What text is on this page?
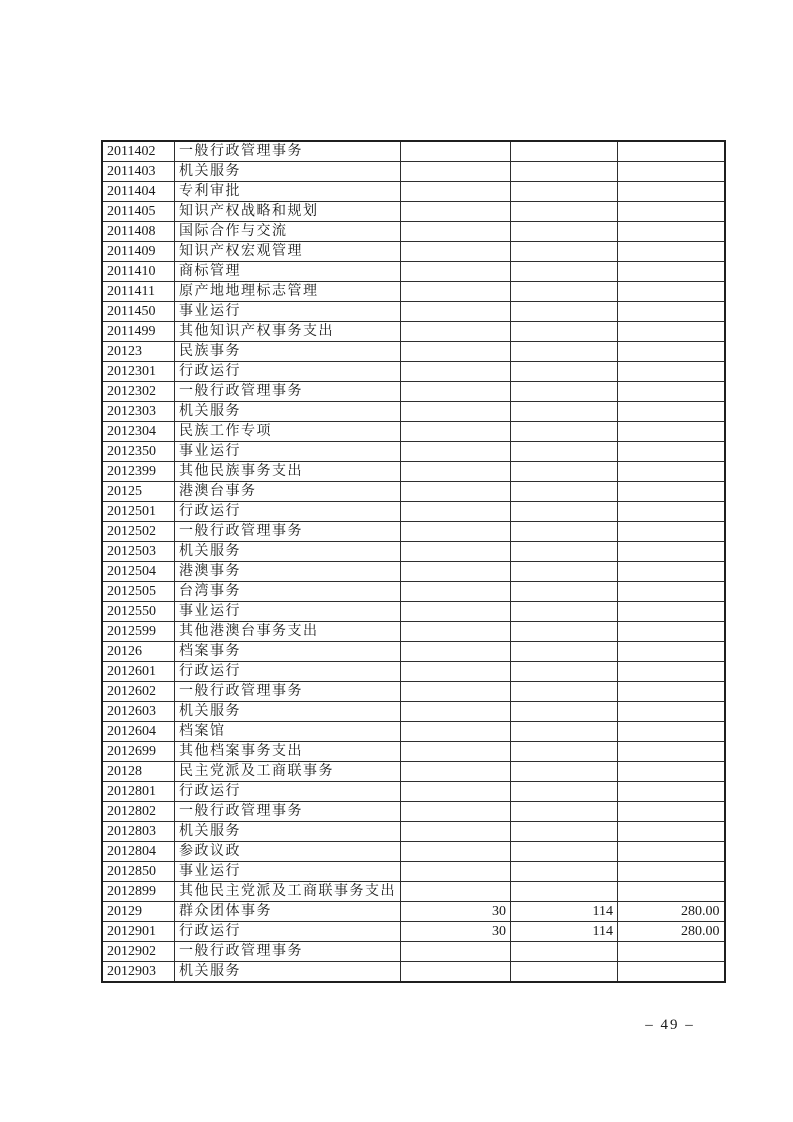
2011402	一般行政管理事务			
2011403	机关服务			
2011404	专利审批			
2011405	知识产权战略和规划			
2011408	国际合作与交流			
2011409	知识产权宏观管理			
2011410	商标管理			
2011411	原产地地理标志管理			
2011450	事业运行			
2011499	其他知识产权事务支出			
20123	民族事务			
2012301	行政运行			
2012302	一般行政管理事务			
2012303	机关服务			
2012304	民族工作专项			
2012350	事业运行			
2012399	其他民族事务支出			
20125	港澳台事务			
2012501	行政运行			
2012502	一般行政管理事务			
2012503	机关服务			
2012504	港澳事务			
2012505	台湾事务			
2012550	事业运行			
2012599	其他港澳台事务支出			
20126	档案事务			
2012601	行政运行			
2012602	一般行政管理事务			
2012603	机关服务			
2012604	档案馆			
2012699	其他档案事务支出			
20128	民主党派及工商联事务			
2012801	行政运行			
2012802	一般行政管理事务			
2012803	机关服务			
2012804	参政议政			
2012850	事业运行			
2012899	其他民主党派及工商联事务支出			
20129	群众团体事务	30	114	280.00
2012901	行政运行	30	114	280.00
2012902	一般行政管理事务			
2012903	机关服务			
– 49 –
